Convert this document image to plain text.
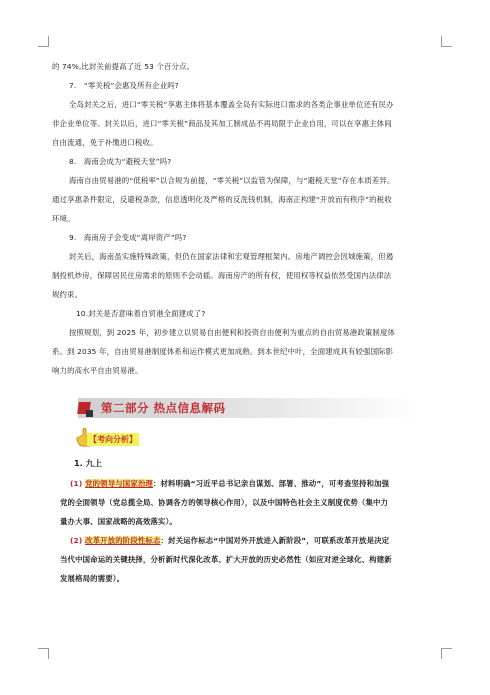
的 74%,比封关前提高了近 53 个百分点。
7.　“零关税”会惠及所有企业吗?
全岛封关之后，进口“零关税”享惠主体将基本覆盖全岛有实际进口需求的各类企事业单位还有民办
非企业单位等。封关以后，进口“零关税”商品及其加工制成品不再局限于企业自用，可以在享惠主体间
自由流通，免于补缴进口税收。
8.　海南会成为“避税天堂”吗?
海南自由贸易港的“低税率”以合规为前提，“零关税”以监管为保障，与“避税天堂”存在本质差异。
通过享惠条件限定，反避税条款，信息透明化及严格的反洗钱机制，海南正构建“开放而有秩序”的税收
环境。
9.　海南房子会变成“离岸资产”吗?
封关后，海南虽实施特殊政策，但仍在国家法律和宏观管理框架内。房地产调控会因城施策，但遏
制投机炒房，保障居民住房需求的原则不会动摇。海南房产的所有权，使用权等权益依然受国内法律法
规约束。
10.封关是否意味着自贸港全面建成了?
按照规划，到 2025 年，初步建立以贸易自由便利和投资自由便利为重点的自由贸易港政策制度体
系。到 2035 年，自由贸易港制度体系和运作模式更加成熟。到本世纪中叶，全面建成具有较强国际影
响力的高水平自由贸易港。
第二部分 热点信息解码
【考向分析】
1. 九上
(1) 党的领导与国家治理：材料明确“习近平总书记亲自谋划、部署、推动”，可考查坚持和加强
党的全面领导（党总揽全局、协调各方的领导核心作用），以及中国特色社会主义制度优势（集中力
量办大事、国家战略的高效落实）。
(2) 改革开放的阶段性标志：封关运作标志“中国对外开放进入新阶段”，可联系改革开放是决定
当代中国命运的关键抉择，分析新时代深化改革、扩大开放的历史必然性（如应对逆全球化、构建新
发展格局的需要）。
